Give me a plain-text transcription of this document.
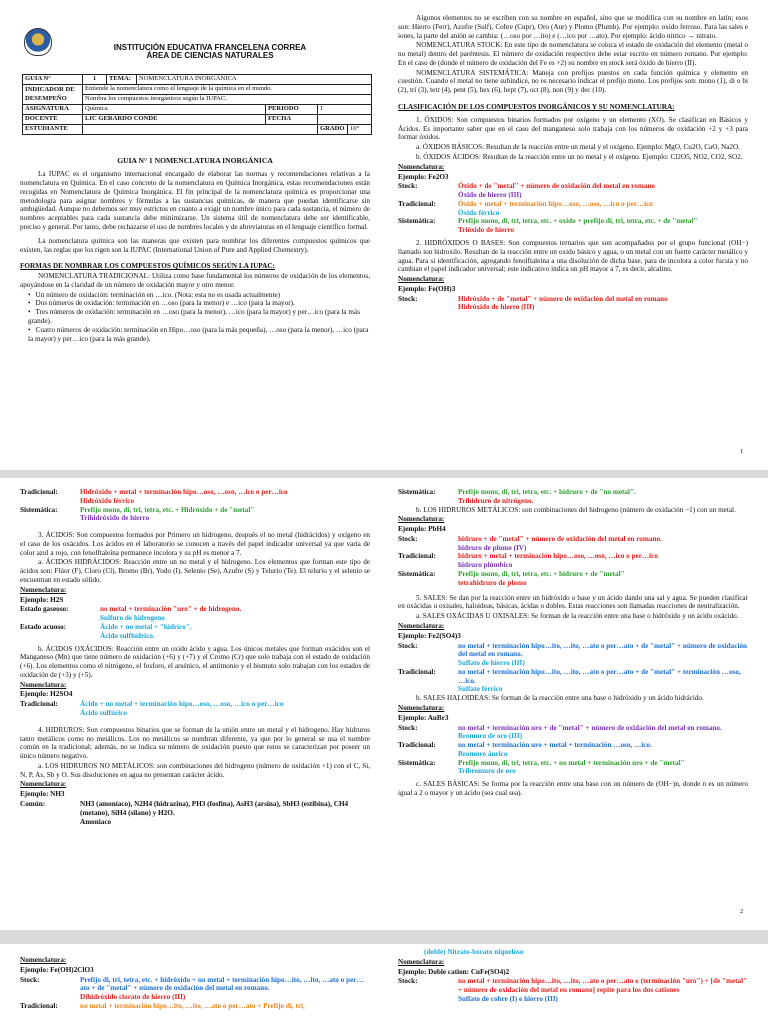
INSTITUCIÓN EDUCATIVA FRANCELENA CORREA
ÁREA DE CIENCIAS NATURALES
GUIA N°	1	TEMA:	NOMENCLATURA INORGÁNICA			
INDICADOR DE DESEMPEÑO	Entiende la nomenclatura como el lenguaje de la química en el mundo.					
	Nombra los compuestos inorgánicos según la IUPAC.					
ASIGNATURA	Química			PERIODO	1	
DOCENTE	LIC GERARDO CONDE			FECHA		
ESTUDIANTE					GRADO	10°
GUIA N° 1 NOMENCLATURA INORGÁNICA

La IUPAC es el organismo internacional encargado de elaborar las normas y recomendaciones relativas a la nomenclatura en Química. En el caso concreto de la nomenclatura en Química Inorgánica, estas recomendaciones están recogidas en Nomenclatura de Química Inorgánica. El fin principal de la nomenclatura química es proporcionar una metodología para asignar nombres y fórmulas a las sustancias químicas, de manera que puedan identificarse sin ambigüedad. Aunque no debemos ser muy estrictos en cuanto a exigir un nombre único para cada sustancia, el número de nombres aceptables para cada sustancia debe minimizarse. Un sistema útil de nomenclatura debe ser identificable, preciso y general. Por tanto, debe rechazarse el uso de nombres locales y de abreviaturas en el lenguaje científico formal.

La nomenclatura química son las maneras que existen para nombrar los diferentes compuestos químicos que existen, las reglas que los rigen son la IUPAC (International Union of Pure and Applied Chemestry).

FORMAS DE NOMBRAR LOS COMPUESTOS QUÍMICOS SEGÚN LA IUPAC:

NOMENCLATURA TRADICIONAL: Utiliza como base fundamental los números de oxidación de los elementos, apoyándose en la claridad de un número de oxidación mayor y otro menor.

• Un número de oxidación: terminación en …ico. (Nota: esta no es usada actualmente)
• Dos números de oxidación: terminación en …oso (para la menor) e …ico (para la mayor).
• Tres números de oxidación: terminación en …oso (para la menor), …ico (para la mayor) y per…ico (para la más grande).
• Cuatro números de oxidación: terminación en Hipo…oso (para la más pequeña), …oso (para la menor), …ico (para la mayor) y per…ico (para la más grande).

Algunos elementos no se escriben con su nombre en español, sino que se modifica con su nombre en latín; esos son: Hierro (Ferr), Azufre (Sulf), Cobre (Cupr), Oro (Aur) y Plomo (Plumb). Por ejemplo: oxido ferroso. Para las sales e iones, la parte del anión se cambia: (…oso por …ito) e (…ico por …ato). Por ejemplo: ácido nitrico → nitrato.

NOMENCLATURA STOCK: En este tipo de nomenclatura se coloca el estado de oxidación del elemento (metal o no metal) dentro del paréntesis. El número de oxidación respectivo debe estar escrito en número romano. Por ejemplo: En el caso de (donde el número de oxidación del Fe es +2) su nombre en stock será óxido de hierro (II).

NOMENCLATURA SISTEMÁTICA: Maneja con prefijos puestos en cada función química y elemento en cuestión. Cuando el metal no tiene subíndice, no es necesario indicar el prefijo mono. Los prefijos son: mono (1), di o bi (2), tri (3), tetr (4), pent (5), hex (6), hept (7), oct (8), non (9) y dec (10).

CLASIFICACIÓN DE LOS COMPUESTOS INORGÁNICOS Y SU NOMENCLATURA:

1. ÓXIDOS: Son compuestos binarios formados por oxígeno y un elemento (XO). Se clasifican en Básicos y Ácidos. Es importante saber que en el caso del manganeso solo trabaja con los números de oxidación +2 y +3 para formar óxidos.

a. ÓXIDOS BÁSICOS: Resultan de la reacción entre un metal y el oxígeno. Ejemplo: MgO, Cu2O, CaO, Na2O.

b. ÓXIDOS ÁCIDOS: Resultan de la reacción entre un no metal y el oxígeno. Ejemplo: Cl2O5, NO2, CO2, SO2.

Nomenclatura:

Ejemplo: Fe2O3

Stock:	Óxido + de "metal" + número de oxidación del metal en romano
Óxido de hierro (III)
Tradicional:	Óxido + metal + terminación hipo…oso, …oso, …ico o per…ico
Óxido férrico
Sistemática:	Prefijo mono, di, tri, tetra, etc. + oxido + prefijo di, tri, tetra, etc. + de "metal"
Trióxido de hierro

2. HIDRÓXIDOS O BASES: Son compuestos ternarios que son acompañados por el grupo funcional (OH−) llamado ion hidroxilo. Resultan de la reacción entre un oxido básico y agua, o un metal con un fuerte carácter metálico y agua. Para si identificación, agregando fenolftaleína a una disolución de dicha base, para de incolora a color fucsia y no cambian el papel indicador universal; este indicativo indica un pH mayor a 7, es decir, alcalino.

Nomenclatura:

Ejemplo: Fe(OH)3

Stock:	Hidróxido + de "metal" + número de oxidación del metal en romano
Hidróxido de hierro (III)
1
Tradicional:	Hidróxido + metal + terminación hipo…oso, …oso, …ico o per…ico
Hidróxido férrico
Sistemática:	Prefijo mono, di, tri, tetra, etc. + Hidróxido + de "metal"
Trihidróxido de hierro

3. ÁCIDOS: Son compuestos formados por Primero un hidrogeno, después el no metal (hidrácidos) y oxígeno en el caso de los oxácidos. Los ácidos en el laboratorio se conocen a través del papel indicador universal ya que varía de color azul a rojo, con fenolftaleína permanece incolora y su pH es menor a 7.

a. ÁCIDOS HIDRÁCIDOS: Reacción entre un no metal y el hidrogeno. Los elementos que forman este tipo de ácidos son: Flúor (F), Cloro (Cl), Bromo (Br), Yodo (I), Selenio (Se), Azufre (S) y Telurio (Te). El telurio y el selenio se encuentran en estado sólido.

Nomenclatura:

Ejemplo: H2S

Estado gaseoso:	no metal + terminación "uro" + de hidrogeno.
Sulfuro de hidrogeno
Estado acuoso:	Ácido + no metal + "hídrico".
Ácido sulfhídrico.

b. ÁCIDOS OXÁCIDOS: Reacción entre un oxido ácido y agua. Los únicos metales que forman oxácidos son el Manganeso (Mn) que tiene número de oxidación (+6) y (+7) y el Cromo (Cr) que solo trabaja con el estado de oxidación (+6). Los elementos como el nitrógeno, el fosforo, el arsénico, el antimonio y el bismuto solo trabajan con los estados de oxidación de (+3) y (+5).

Nomenclatura:

Ejemplo: H2SO4

Tradicional:	Ácido + no metal + terminación hipo…oso, …oso, …ico o per…ico
Ácido sulfúrico

4. HIDRUROS: Son compuestos binarios que se forman de la unión entre un metal y el hidrogeno. Hay hidruros tanto metálicos como no metálicos. Los no metálicos se nombran diferente, ya que por lo general se usa el nombre común en la tradicional; además, no se indica su número de oxidación puesto que estos se caracterizan por poseer un único número negativo.

a. LOS HIDRUROS NO METÁLICOS: son combinaciones del hidrogeno (número de oxidación +1) con el C, Si, N, P, As, Sb y O. Sus disoluciones en agua no presentan carácter ácido.

Nomenclatura:

Ejemplo: NH3

Común:	NH3 (amoníaco), N2H4 (hidrazina), PH3 (fosfina), AsH3 (arsina), SbH3 (estibina), CH4 (metano), SiH4 (silano) y H2O.
Amoniaco
Sistemática:	Prefijo mono, di, tri, tetra, etc. + hidruro + de "no metal".
Trihidruro de nitrógeno.

b. LOS HIDRUROS METÁLICOS: son combinaciones del hidrogeno (número de oxidación −1) con un metal.

Nomenclatura:

Ejemplo: PbH4

Stock:	hidruro + de "metal" + número de oxidación del metal en romano.
hidruro de plomo (IV)
Tradicional:	hidruro + metal + terminación hipo…oso, …oso, …ico o per…ico
hidruro plúmbico
Sistemática:	Prefijo mono, di, tri, tetra, etc. + hidruro + de "metal"
tetrahidruro de plomo

5. SALES: Se dan por la reacción entre un hidróxido o base y un ácido dando una sal y agua. Se pueden clasificar en oxácidas u oxisales, haloideas, básicas, ácidas o dobles. Estas reacciones son llamadas reacciones de neutralización.

a. SALES OXÁCIDAS U OXISALES: Se forman de la reacción entre una base o hidróxido y un ácido oxácido.

Nomenclatura:

Ejemplo: Fe2(SO4)3

Stock:	no metal + terminación hipo…ito, …ito, …ato o per…ato + de "metal" + número de oxidación del metal en romano.
Sulfato de hierro (III)
Tradicional:	no metal + terminación hipo…ito, …ito, …ato o per…ato + de "metal" + terminación …oso, …ico.
Sulfato férrico

b. SALES HALOIDEAS: Se forman de la reacción entre una base o hidróxido y un ácido hidrácido.

Nomenclatura:

Ejemplo: AuBr3

Stock:	no metal + terminación uro + de "metal" + número de oxidación del metal en romano.
Bromuro de oro (III)
Tradicional:	no metal + terminación uro + metal + terminación …oso, …ico.
Bromuro áurico
Sistemática:	Prefijo mono, di, tri, tetra, etc. + no metal + terminación uro + de "metal"
Tribromuro de oro

c. SALES BÁSICAS: Se forma por la reacción entre una base con un número de (OH−)n, donde n es un número igual a 2 o mayor y un ácido (sea cual sea).

2

Nomenclatura:

Ejemplo: Fe(OH)2ClO3

Stock:	Prefijo di, tri, tetra, etc. + hidróxido + no metal + terminación hipo…ito, …ito, …ato o per…ato + de "metal" + número de oxidación del metal en romano.
Dihidróxido clorato de hierro (III)
Tradicional:	no metal + terminación hipo…ito, …ito, …ato o per…ato + Prefijo di, tri,

(doble) Nitrato-borato niqueloso

Nomenclatura:

Ejemplo: Doble cation: CuFe(SO4)2

Stock:	no metal + terminación hipo…ito, …ito, …ato o per…ato o (terminación "uro") + [de "metal" + número de oxidación del metal en romano] repite para los dos cationes
Sulfato de cobre (I) e hierro (III)
